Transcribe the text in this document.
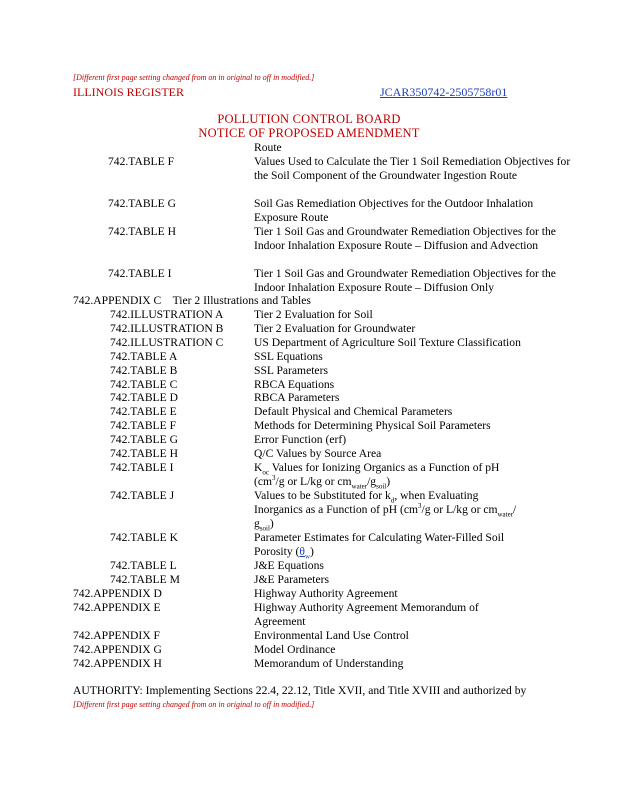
[Different first page setting changed from on in original to off in modified.]
ILLINOIS REGISTER	JCAR350742-2505758r01
POLLUTION CONTROL BOARD
NOTICE OF PROPOSED AMENDMENT
Route
742.TABLE F	Values Used to Calculate the Tier 1 Soil Remediation Objectives for the Soil Component of the Groundwater Ingestion Route
742.TABLE G	Soil Gas Remediation Objectives for the Outdoor Inhalation Exposure Route
742.TABLE H	Tier 1 Soil Gas and Groundwater Remediation Objectives for the Indoor Inhalation Exposure Route – Diffusion and Advection
742.TABLE I	Tier 1 Soil Gas and Groundwater Remediation Objectives for the Indoor Inhalation Exposure Route – Diffusion Only
742.APPENDIX C    Tier 2 Illustrations and Tables
742.ILLUSTRATION A	Tier 2 Evaluation for Soil
742.ILLUSTRATION B	Tier 2 Evaluation for Groundwater
742.ILLUSTRATION C	US Department of Agriculture Soil Texture Classification
742.TABLE A	SSL Equations
742.TABLE B	SSL Parameters
742.TABLE C	RBCA Equations
742.TABLE D	RBCA Parameters
742.TABLE E	Default Physical and Chemical Parameters
742.TABLE F	Methods for Determining Physical Soil Parameters
742.TABLE G	Error Function (erf)
742.TABLE H	Q/C Values by Source Area
742.TABLE I	$K_{oc}$ Values for Ionizing Organics as a Function of pH
($cm^3/g$ or L/kg or $cm_{water}/g_{soil}$)
742.TABLE J	Values to be Substituted for $k_d$, when Evaluating
Inorganics as a Function of pH ($cm^3/g$ or L/kg or $cm_{water}/$
$g_{soil}$)
742.TABLE K	Parameter Estimates for Calculating Water-Filled Soil
Porosity $(\theta_w)$
742.TABLE L	J&E Equations
742.TABLE M	J&E Parameters
742.APPENDIX D	Highway Authority Agreement
742.APPENDIX E	Highway Authority Agreement Memorandum of Agreement
742.APPENDIX F	Environmental Land Use Control
742.APPENDIX G	Model Ordinance
742.APPENDIX H	Memorandum of Understanding
AUTHORITY: Implementing Sections 22.4, 22.12, Title XVII, and Title XVIII and authorized by
[Different first page setting changed from on in original to off in modified.]
